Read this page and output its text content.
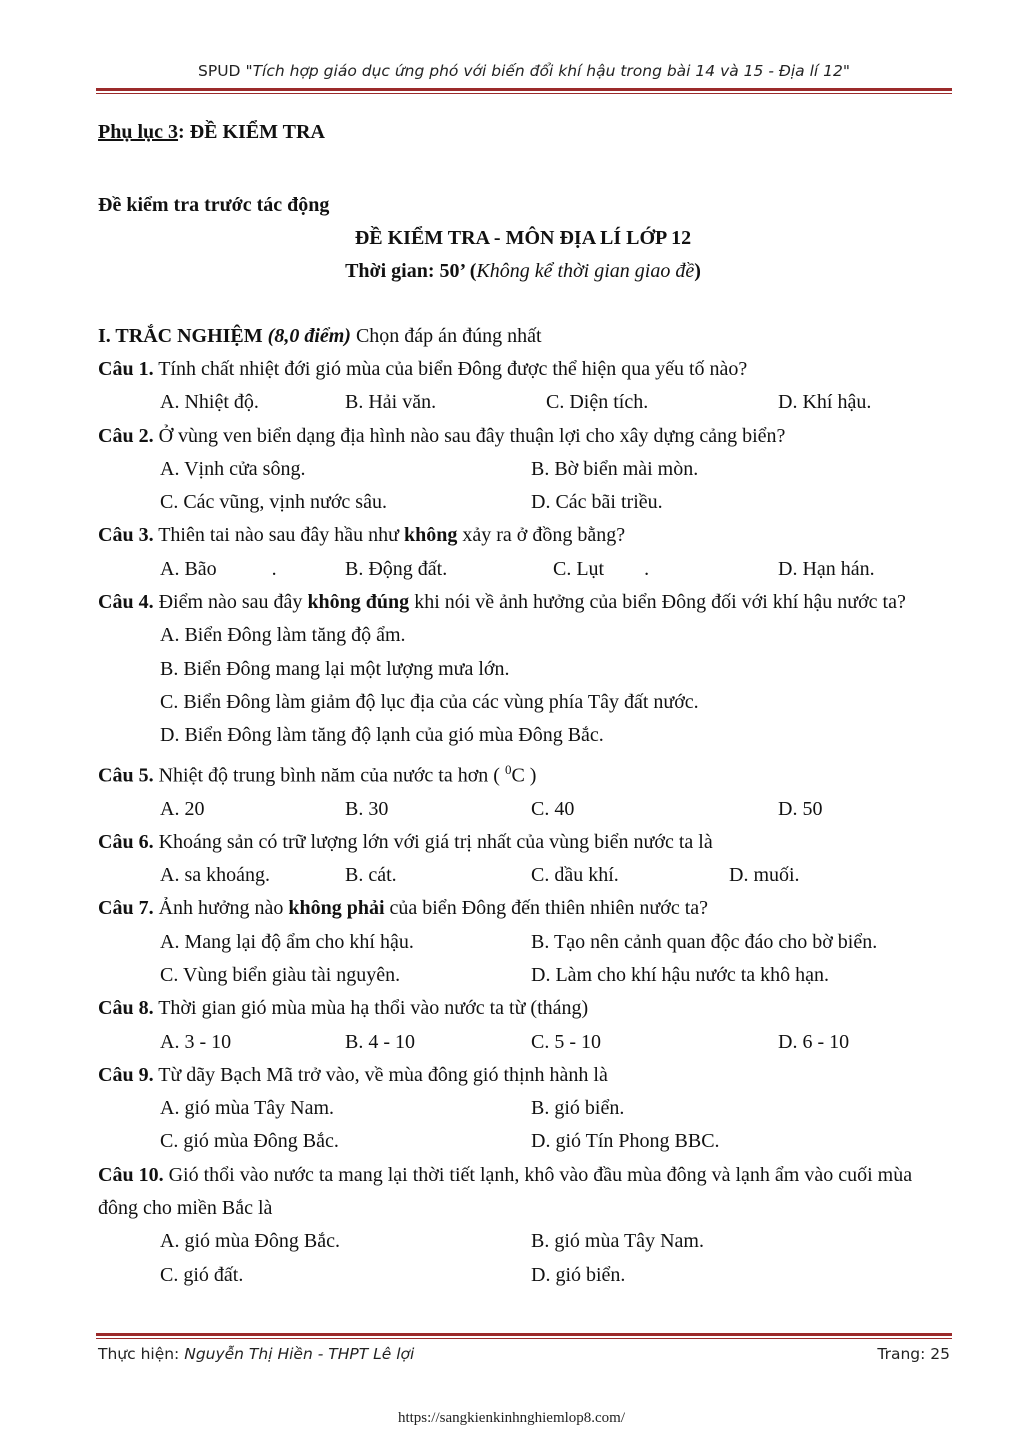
SPUD "Tích hợp giáo dục ứng phó với biến đổi khí hậu trong bài 14 và 15 - Địa lí 12"
Phụ lục 3: ĐỀ KIỂM TRA
Đề kiểm tra trước tác động
ĐỀ KIỂM TRA - MÔN ĐỊA LÍ LỚP 12
Thời gian: 50’ (Không kể thời gian giao đề)
I. TRẮC NGHIỆM (8,0 điểm) Chọn đáp án đúng nhất
Câu 1. Tính chất nhiệt đới gió mùa của biển Đông được thể hiện qua yếu tố nào?
A. Nhiệt độ.	B. Hải văn.	C. Diện tích.	D. Khí hậu.
Câu 2. Ở vùng ven biển dạng địa hình nào sau đây thuận lợi cho xây dựng cảng biển?
A. Vịnh cửa sông.	B. Bờ biển mài mòn.
C. Các vũng, vịnh nước sâu.	D. Các bãi triều.
Câu 3. Thiên tai nào sau đây hầu như không xảy ra ở đồng bằng?
A. Bão           .	B. Động đất.	C. Lụt        .	D. Hạn hán.
Câu 4. Điểm nào sau đây không đúng khi nói về ảnh hưởng của biển Đông đối với khí hậu nước ta?
A. Biển Đông làm tăng độ ẩm.
B. Biển Đông mang lại một lượng mưa lớn.
C. Biển Đông làm giảm độ lục địa của các vùng phía Tây đất nước.
D. Biển Đông làm tăng độ lạnh của gió mùa Đông Bắc.
Câu 5. Nhiệt độ trung bình năm của nước ta hơn ( $^0$C )
A. 20	B. 30	C. 40	D. 50
Câu 6. Khoáng sản có trữ lượng lớn với giá trị nhất của vùng biển nước ta là
A. sa khoáng.	B. cát.	C. dầu khí.	D. muối.
Câu 7. Ảnh hưởng nào không phải của biển Đông đến thiên nhiên nước ta?
A. Mang lại độ ẩm cho khí hậu.	B. Tạo nên cảnh quan độc đáo cho bờ biển.
C. Vùng biển giàu tài nguyên.	D. Làm cho khí hậu nước ta khô hạn.
Câu 8. Thời gian gió mùa mùa hạ thổi vào nước ta từ (tháng)
A. 3 - 10	B. 4 - 10	C. 5 - 10	D. 6 - 10
Câu 9. Từ dãy Bạch Mã trở vào, về mùa đông gió thịnh hành là
A. gió mùa Tây Nam.	B. gió biển.
C. gió mùa Đông Bắc.	D. gió Tín Phong BBC.
Câu 10. Gió thổi vào nước ta mang lại thời tiết lạnh, khô vào đầu mùa đông và lạnh ẩm vào cuối mùa đông cho miền Bắc là
A. gió mùa Đông Bắc.	B. gió mùa Tây Nam.
C. gió đất.	D. gió biển.
Thực hiện: Nguyễn Thị Hiền - THPT Lê lợi	Trang: 25
https://sangkienkinhnghiemlop8.com/
